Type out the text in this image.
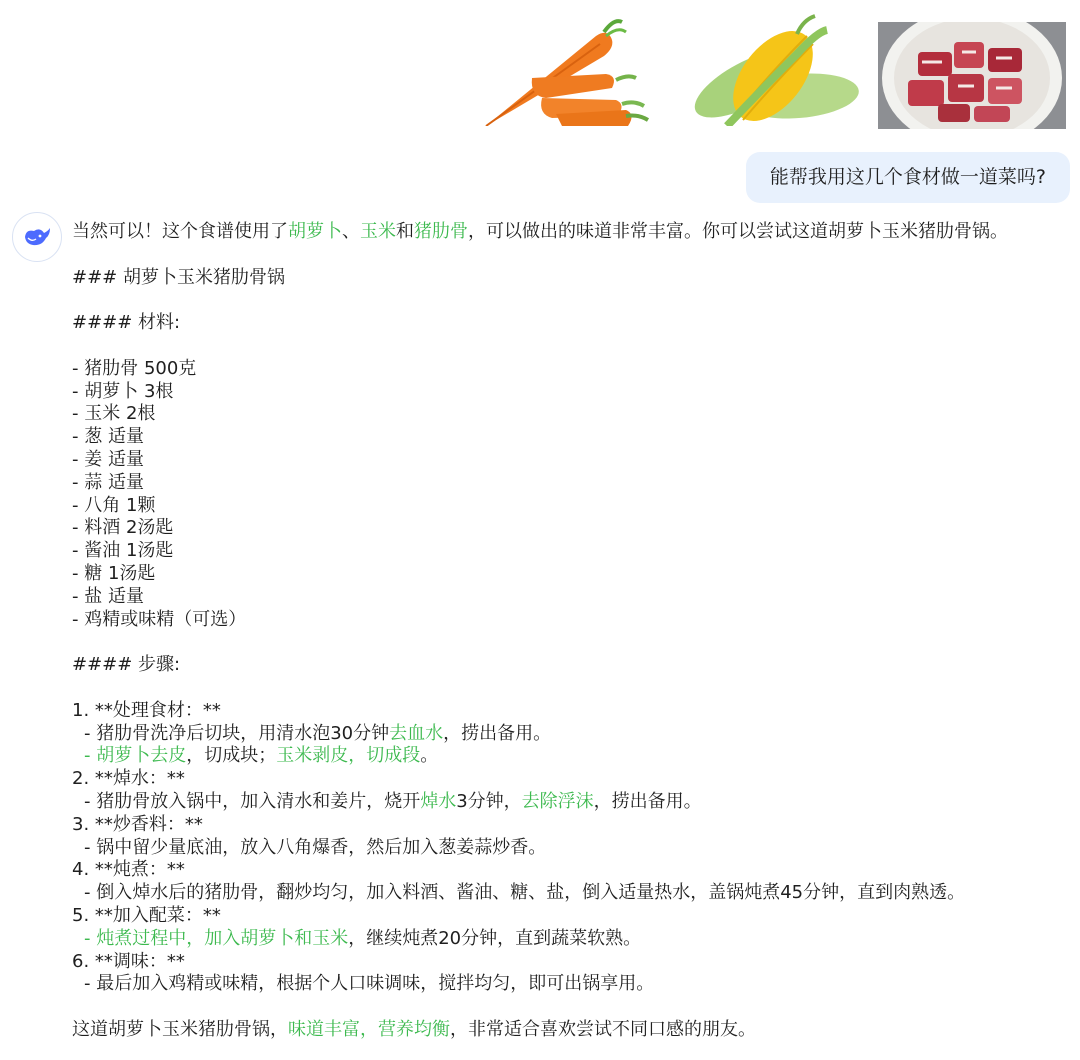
能帮我用这几个食材做一道菜吗?

当然可以！这个食谱使用了胡萝卜、玉米和猪肋骨，可以做出的味道非常丰富。你可以尝试这道胡萝卜玉米猪肋骨锅。

### 胡萝卜玉米猪肋骨锅

#### 材料:

- 猪肋骨 500克

- 胡萝卜 3根

- 玉米 2根

- 葱 适量

- 姜 适量

- 蒜 适量

- 八角 1颗

- 料酒 2汤匙

- 酱油 1汤匙

- 糖 1汤匙

- 盐 适量

- 鸡精或味精（可选）

#### 步骤:

1. **处理食材：**

- 猪肋骨洗净后切块，用清水泡30分钟去血水，捞出备用。

- 胡萝卜去皮，切成块；玉米剥皮，切成段。

2. **焯水：**

- 猪肋骨放入锅中，加入清水和姜片，烧开焯水3分钟，去除浮沫，捞出备用。

3. **炒香料：**

- 锅中留少量底油，放入八角爆香，然后加入葱姜蒜炒香。

4. **炖煮：**

- 倒入焯水后的猪肋骨，翻炒均匀，加入料酒、酱油、糖、盐，倒入适量热水，盖锅炖煮45分钟，直到肉熟透。

5. **加入配菜：**

- 炖煮过程中，加入胡萝卜和玉米，继续炖煮20分钟，直到蔬菜软熟。

6. **调味：**

- 最后加入鸡精或味精，根据个人口味调味，搅拌均匀，即可出锅享用。

这道胡萝卜玉米猪肋骨锅，味道丰富，营养均衡，非常适合喜欢尝试不同口感的朋友。
